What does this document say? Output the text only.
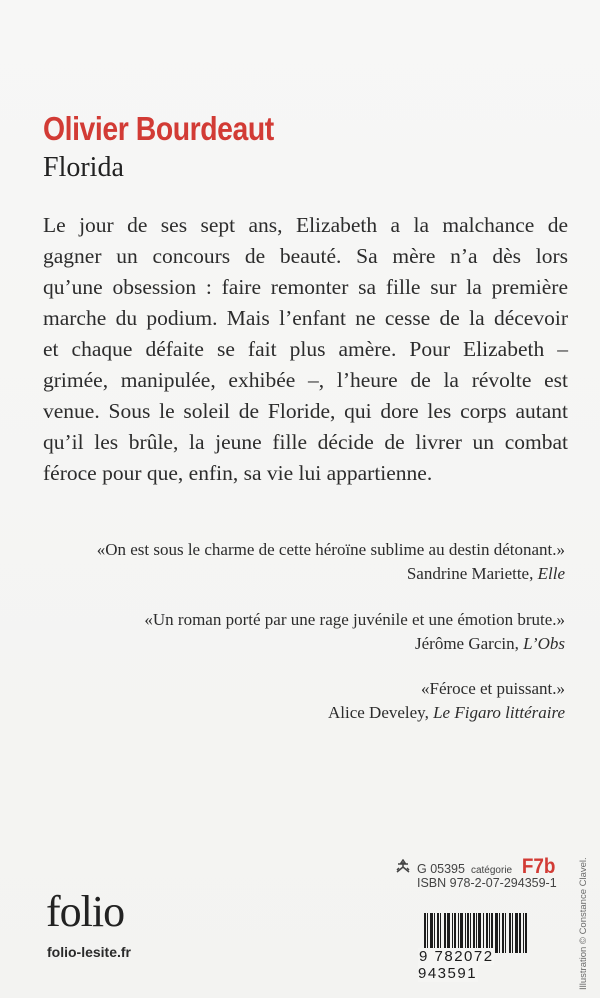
Olivier Bourdeaut
Florida
Le jour de ses sept ans, Elizabeth a la malchance de
gagner un concours de beauté. Sa mère n’a dès lors
qu’une obsession : faire remonter sa fille sur la première
marche du podium. Mais l’enfant ne cesse de la décevoir
et chaque défaite se fait plus amère. Pour Elizabeth –
grimée, manipulée, exhibée –, l’heure de la révolte est
venue. Sous le soleil de Floride, qui dore les corps autant
qu’il les brûle, la jeune fille décide de livrer un combat
féroce pour que, enfin, sa vie lui appartienne.
«On est sous le charme de cette héroïne sublime au destin détonant.»
Sandrine Mariette, Elle
«Un roman porté par une rage juvénile et une émotion brute.»
Jérôme Garcin, L’Obs
«Féroce et puissant.»
Alice Develey, Le Figaro littéraire
folio
folio-lesite.fr
G 05395 catégorie F7b
ISBN 978-2-07-294359-1
9 782072 943591	Illustration © Constance Clavel.
